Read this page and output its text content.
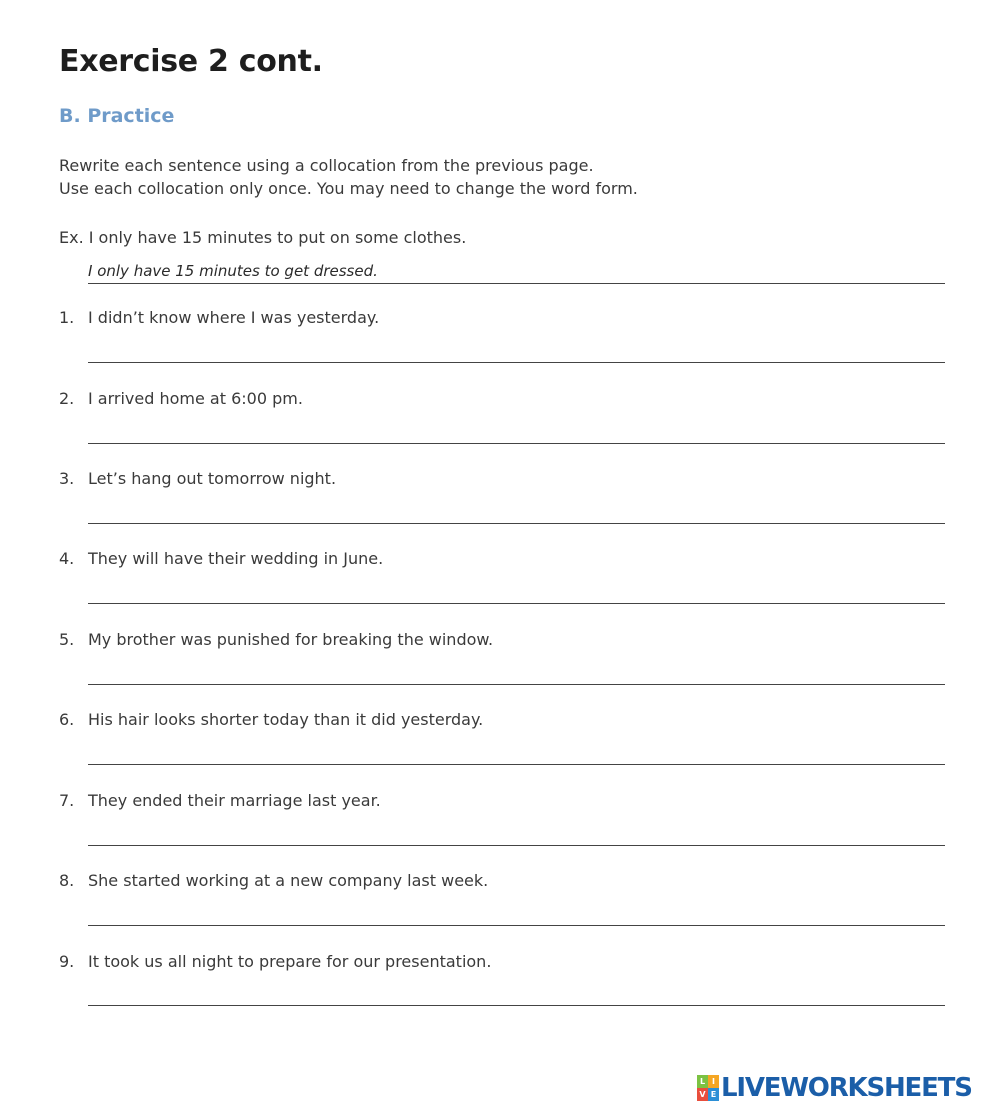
Exercise 2 cont.
B. Practice
Rewrite each sentence using a collocation from the previous page.
Use each collocation only once. You may need to change the word form.
Ex. I only have 15 minutes to put on some clothes.
I only have 15 minutes to get dressed.
1. I didn’t know where I was yesterday.
2. I arrived home at 6:00 pm.
3. Let’s hang out tomorrow night.
4. They will have their wedding in June.
5. My brother was punished for breaking the window.
6. His hair looks shorter today than it did yesterday.
7. They ended their marriage last year.
8. She started working at a new company last week.
9. It took us all night to prepare for our presentation.
L I
V E LIVEWORKSHEETS
